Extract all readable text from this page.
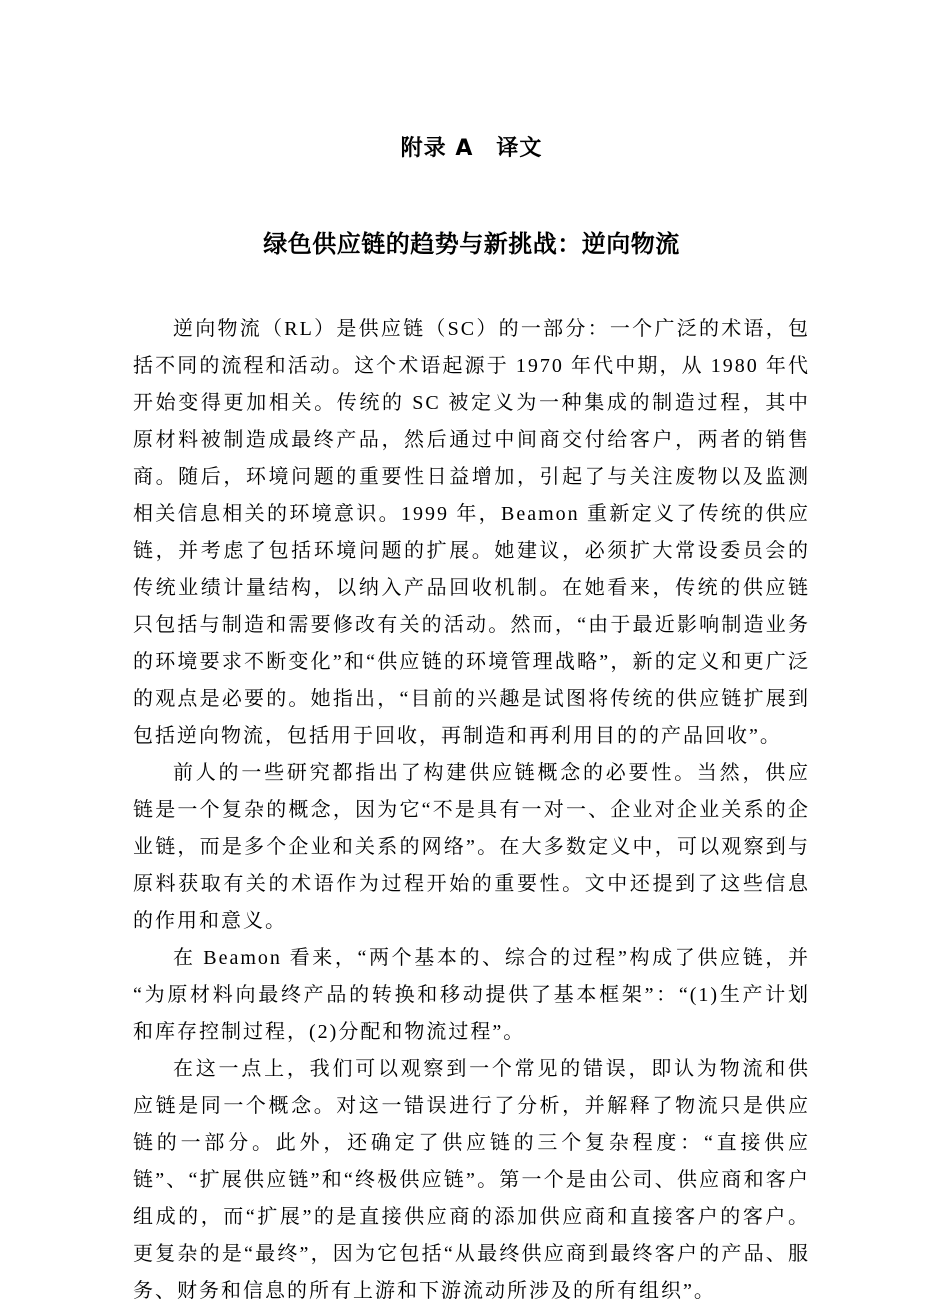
附录 A　译文
绿色供应链的趋势与新挑战：逆向物流

逆向物流（RL）是供应链（SC）的一部分：一个广泛的术语，包括不同的流程和活动。这个术语起源于 1970 年代中期，从 1980 年代开始变得更加相关。传统的 SC 被定义为一种集成的制造过程，其中原材料被制造成最终产品，然后通过中间商交付给客户，两者的销售商。随后，环境问题的重要性日益增加，引起了与关注废物以及监测相关信息相关的环境意识。1999 年，Beamon 重新定义了传统的供应链，并考虑了包括环境问题的扩展。她建议，必须扩大常设委员会的传统业绩计量结构，以纳入产品回收机制。在她看来，传统的供应链只包括与制造和需要修改有关的活动。然而，“由于最近影响制造业务的环境要求不断变化”和“供应链的环境管理战略”，新的定义和更广泛的观点是必要的。她指出，“目前的兴趣是试图将传统的供应链扩展到包括逆向物流，包括用于回收，再制造和再利用目的的产品回收”。

前人的一些研究都指出了构建供应链概念的必要性。当然，供应链是一个复杂的概念，因为它“不是具有一对一、企业对企业关系的企业链，而是多个企业和关系的网络”。在大多数定义中，可以观察到与原料获取有关的术语作为过程开始的重要性。文中还提到了这些信息的作用和意义。

在 Beamon 看来，“两个基本的、综合的过程”构成了供应链，并“为原材料向最终产品的转换和移动提供了基本框架”：“(1)生产计划和库存控制过程，(2)分配和物流过程”。

在这一点上，我们可以观察到一个常见的错误，即认为物流和供应链是同一个概念。对这一错误进行了分析，并解释了物流只是供应链的一部分。此外，还确定了供应链的三个复杂程度：“直接供应链”、“扩展供应链”和“终极供应链”。第一个是由公司、供应商和客户组成的，而“扩展”的是直接供应商的添加供应商和直接客户的客户。更复杂的是“最终”，因为它包括“从最终供应商到最终客户的产品、服务、财务和信息的所有上游和下游流动所涉及的所有组织”。
